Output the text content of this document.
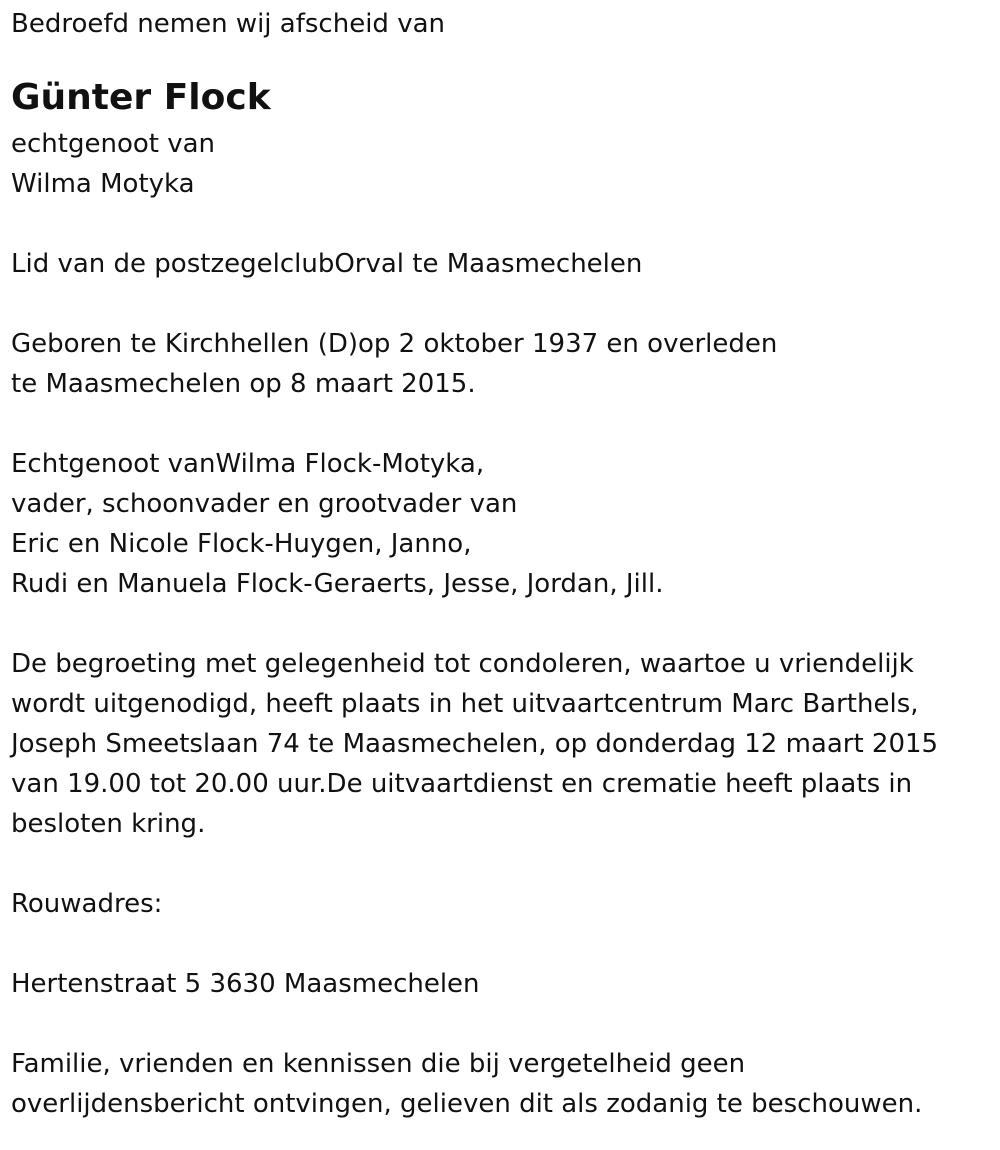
Bedroefd nemen wij afscheid van
Günter Flock
echtgenoot van
Wilma Motyka
Lid van de postzegelclubOrval te Maasmechelen
Geboren te Kirchhellen (D)op 2 oktober 1937 en overleden
te Maasmechelen op 8 maart 2015.
Echtgenoot vanWilma Flock-Motyka,
vader, schoonvader en grootvader van
Eric en Nicole Flock-Huygen, Janno,
Rudi en Manuela Flock-Geraerts, Jesse, Jordan, Jill.
De begroeting met gelegenheid tot condoleren, waartoe u vriendelijk
wordt uitgenodigd, heeft plaats in het uitvaartcentrum Marc Barthels,
Joseph Smeetslaan 74 te Maasmechelen, op donderdag 12 maart 2015
van 19.00 tot 20.00 uur.De uitvaartdienst en crematie heeft plaats in
besloten kring.
Rouwadres:
Hertenstraat 5 3630 Maasmechelen
Familie, vrienden en kennissen die bij vergetelheid geen
overlijdensbericht ontvingen, gelieven dit als zodanig te beschouwen.
